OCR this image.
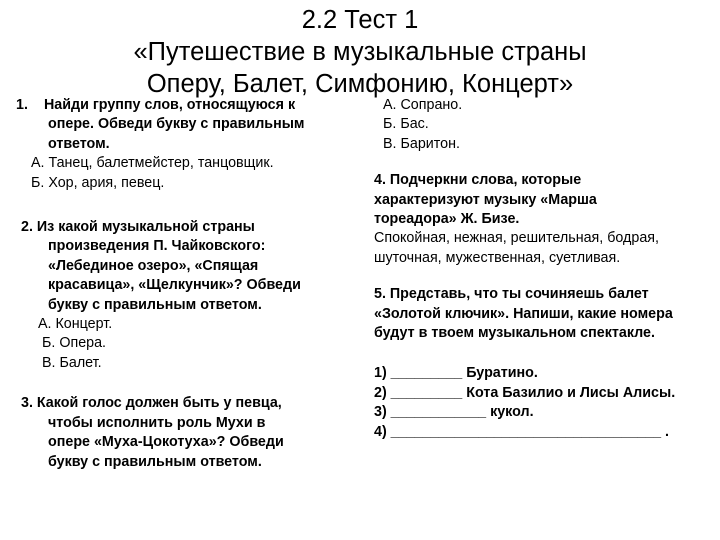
2.2 Тест 1
«Путешествие в музыкальные страны
Оперу, Балет, Симфонию, Концерт»
1. Найди группу слов, относящуюся к
опере. Обведи букву с правильным
ответом.
А. Танец, балетмейстер, танцовщик.
Б. Хор, ария, певец.
2. Из какой музыкальной страны
произведения П. Чайковского:
«Лебединое озеро», «Спящая
красавица», «Щелкунчик»? Обведи
букву с правильным ответом.
А. Концерт.
Б. Опера.
В. Балет.
3. Какой голос должен быть у певца,
чтобы исполнить роль Мухи в
опере «Муха-Цокотуха»? Обведи
букву с правильным ответом.
А. Сопрано.
Б. Бас.
В. Баритон.
4. Подчеркни слова, которые
характеризуют музыку «Марша
тореадора» Ж. Бизе.
Спокойная, нежная, решительная, бодрая,
шуточная, мужественная, суетливая.
5. Представь, что ты сочиняешь балет
«Золотой ключик». Напиши, какие номера
будут в твоем музыкальном спектакле.
1) _________ Буратино.
2) _________ Кота Базилио и Лисы Алисы.
3) ____________ кукол.
4) __________________________________ .
